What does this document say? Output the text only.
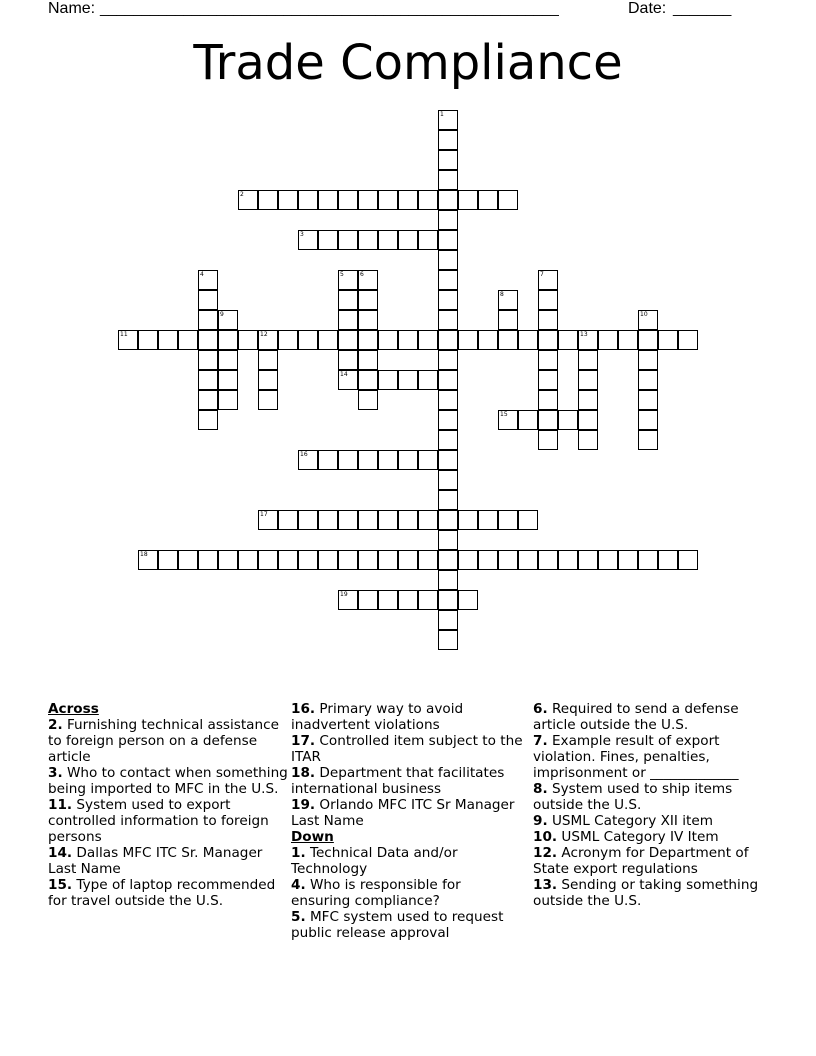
Name: _______________________________________________________	Date: _______
Trade Compliance
2
3
11	12	13
14
15
16
17
18
19
1
4	5	6	7
8
9	10
Across
2. Furnishing technical assistance to foreign person on a defense article
3. Who to contact when something being imported to MFC in the U.S.
11. System used to export controlled information to foreign persons
14. Dallas MFC ITC Sr. Manager Last Name
15. Type of laptop recommended for travel outside the U.S.
16. Primary way to avoid inadvertent violations
17. Controlled item subject to the ITAR
18. Department that facilitates international business
19. Orlando MFC ITC Sr Manager Last Name
Down
1. Technical Data and/or Technology
4. Who is responsible for ensuring compliance?
5. MFC system used to request public release approval
6. Required to send a defense article outside the U.S.
7. Example result of export violation. Fines, penalties, imprisonment or _____________
8. System used to ship items outside the U.S.
9. USML Category XII item
10. USML Category IV Item
12. Acronym for Department of State export regulations
13. Sending or taking something outside the U.S.
